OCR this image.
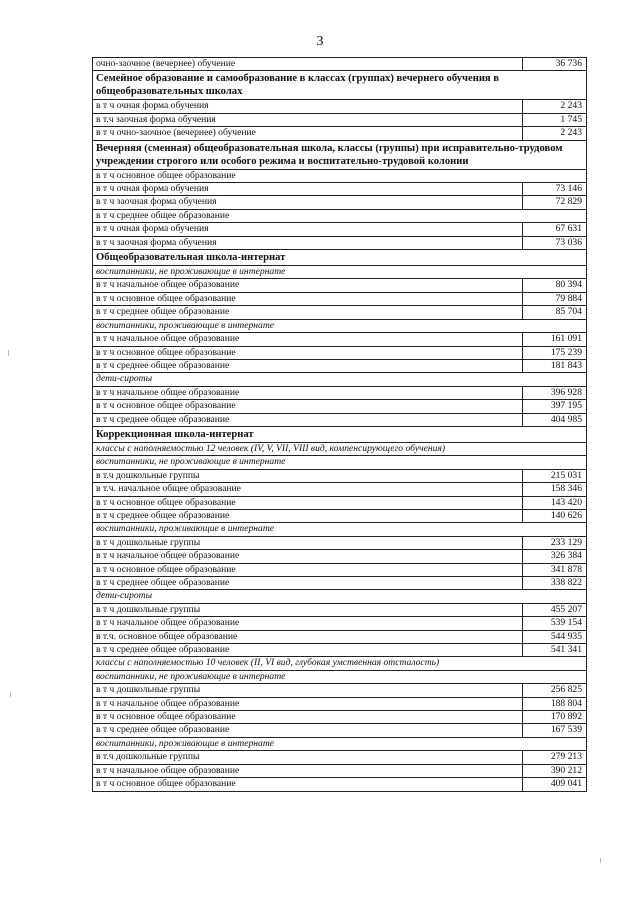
3
очно-заочное (вечернее) обучение	36 736
Семейное образование и самообразование в классах (группах) вечернего обучения в общеобразовательных школах	
в т ч очная форма обучения	2 243
в т.ч заочная форма обучения	1 745
в т ч очно-заочное (вечернее) обучение	2 243
Вечерняя (сменная) общеобразовательная школа, классы (группы) при исправительно-трудовом учреждении строгого или особого режима и воспитательно-трудовой колонии	
в т ч основное общее образование	
в т ч очная форма обучения	73 146
в т ч заочная форма обучения	72 829
в т ч среднее общее образование	
в т ч очная форма обучения	67 631
в т ч заочная форма обучения	73 036
Общеобразовательная школа-интернат	
воспитанники, не проживающие в интернате	
в т ч начальное общее образование	80 394
в т ч основное общее образование	79 884
в т ч среднее общее образование	85 704
воспитанники, проживающие в интернате	
в т ч начальное общее образование	161 091
в т ч основное общее образование	175 239
в т ч среднее общее образование	181 843
дети-сироты	
в т ч начальное общее образование	396 928
в т ч основное общее образование	397 195
в т ч среднее общее образование	404 985
Коррекционная школа-интернат	
классы с наполняемостью 12 человек (IV, V, VII, VIII вид, компенсирующего обучения)	
воспитанники, не проживающие в интернате	
в т.ч дошкольные группы	215 031
в т.ч. начальное общее образование	158 346
в т ч основное общее образование	143 420
в т ч среднее общее образование	140 626
воспитанники, проживающие в интернате	
в т ч дошкольные группы	233 129
в т ч начальное общее образование	326 384
в т ч основное общее образование	341 878
в т ч среднее общее образование	338 822
дети-сироты	
в т ч дошкольные группы	455 207
в т ч начальное общее образование	539 154
в т.ч. основное общее образование	544 935
в т ч среднее общее образование	541 341
классы с наполняемостью 10 человек (II, VI вид, глубокая умственная отсталость)	
воспитанники, не проживающие в интернате	
в т ч дошкольные группы	256 825
в т ч начальное общее образование	188 804
в т ч основное общее образование	170 892
в т ч среднее общее образование	167 539
воспитанники, проживающие в интернате	
в т.ч дошкольные группы	279 213
в т ч начальное общее образование	390 212
в т ч основное общее образование	409 041
